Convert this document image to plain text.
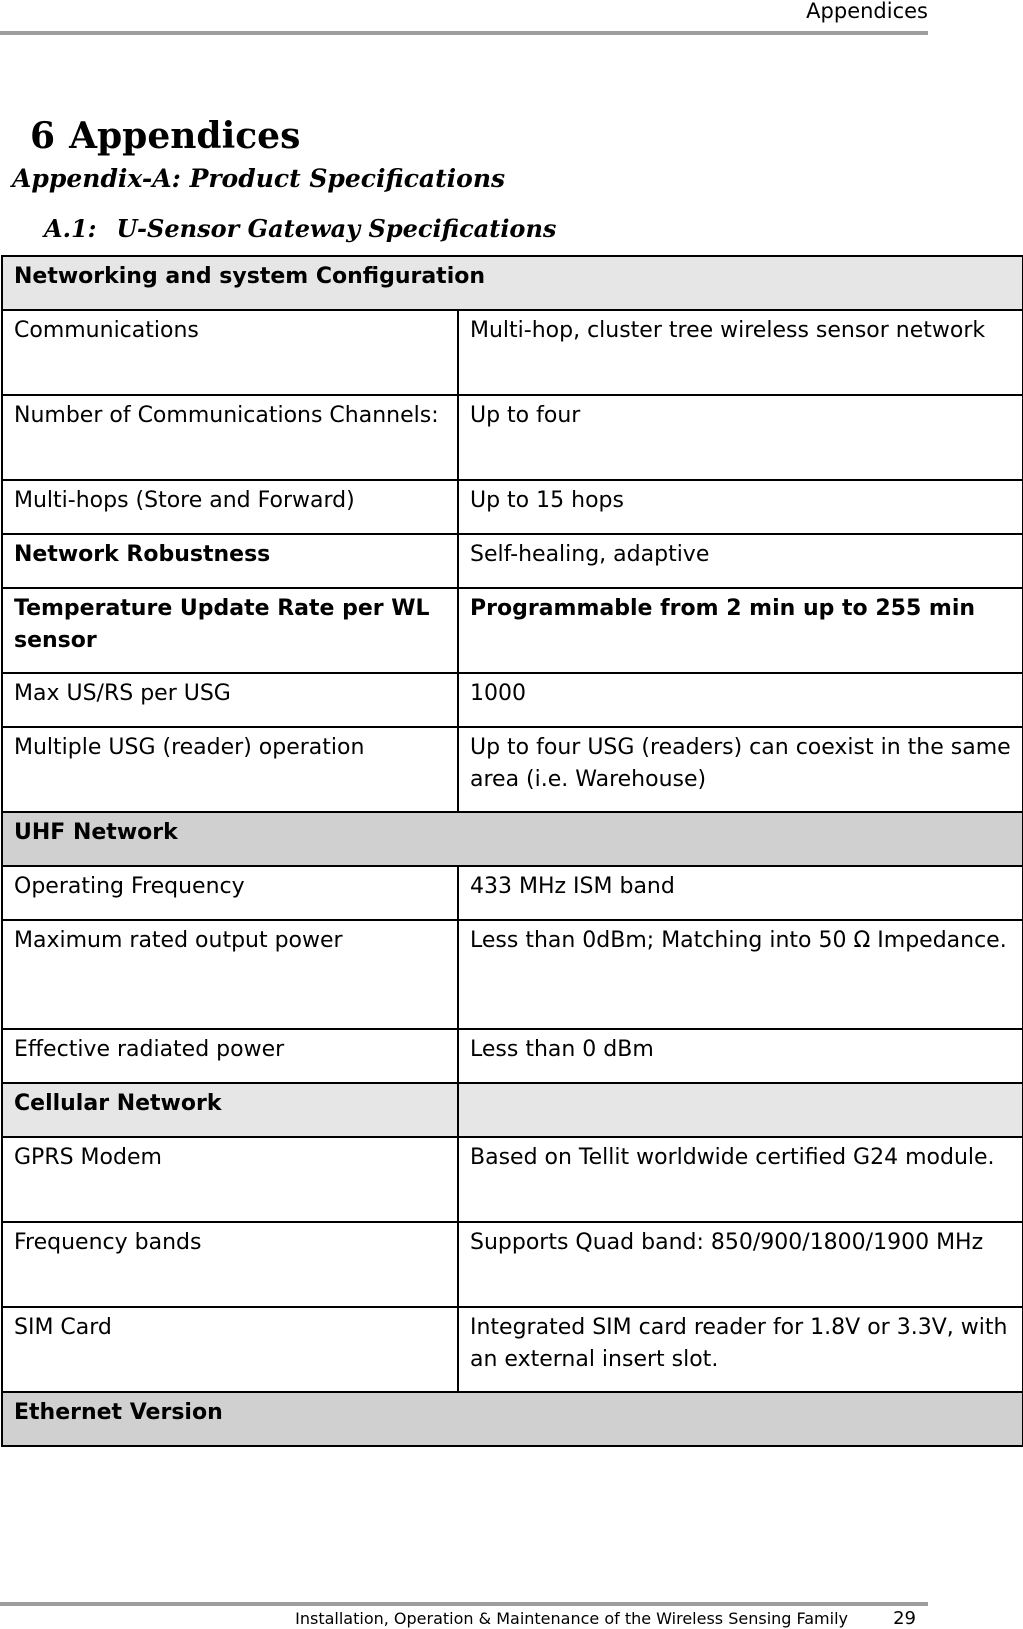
Appendices
6 Appendices
Appendix-A: Product Specifications
A.1: U-Sensor Gateway Specifications
Networking and system Configuration	
Communications	Multi-hop, cluster tree wireless sensor network
Number of Communications Channels:	Up to four
Multi-hops (Store and Forward)	Up to 15 hops
Network Robustness	Self-healing, adaptive
Temperature Update Rate per WL sensor	Programmable from 2 min up to 255 min
Max US/RS per USG	1000
Multiple USG (reader) operation	Up to four USG (readers) can coexist in the same area (i.e. Warehouse)
UHF Network	
Operating Frequency	433 MHz ISM band
Maximum rated output power	Less than 0dBm; Matching into 50 Ω Impedance.
Effective radiated power	Less than 0 dBm
Cellular Network	
GPRS Modem	Based on Tellit worldwide certified G24 module.
Frequency bands	Supports Quad band: 850/900/1800/1900 MHz
SIM Card	Integrated SIM card reader for 1.8V or 3.3V, with an external insert slot.
Ethernet Version	
Installation, Operation & Maintenance of the Wireless Sensing Family	29
